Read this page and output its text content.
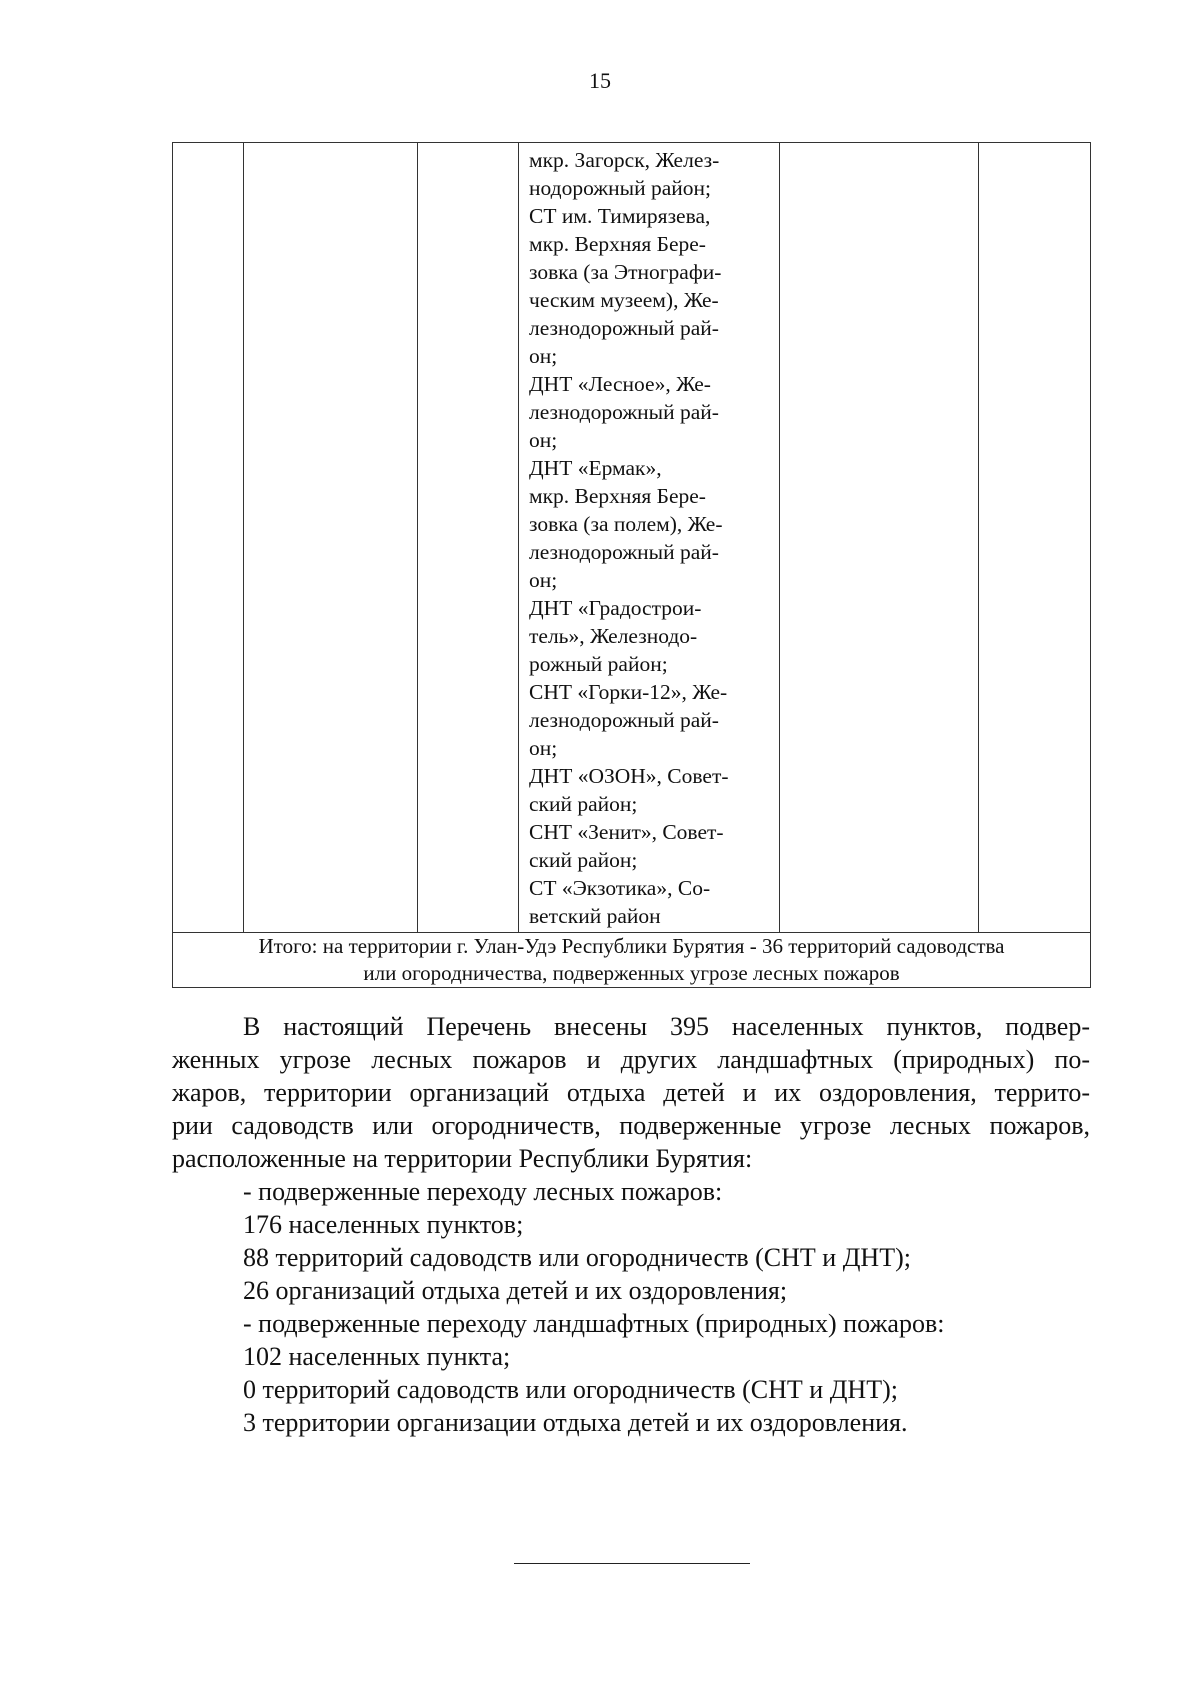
15

мкр. Загорск, Желез-
нодорожный район;
СТ им. Тимирязева,
мкр. Верхняя Бере-
зовка (за Этнографи-
ческим музеем), Же-
лезнодорожный рай-
он;
ДНТ «Лесное», Же-
лезнодорожный рай-
он;
ДНТ «Ермак»,
мкр. Верхняя Бере-
зовка (за полем), Же-
лезнодорожный рай-
он;
ДНТ «Градострои-
тель», Железнодо-
рожный район;
СНТ «Горки-12», Же-
лезнодорожный рай-
он;
ДНТ «ОЗОН», Совет-
ский район;
СНТ «Зенит», Совет-
ский район;
СТ «Экзотика», Со-
ветский район

Итого: на территории г. Улан-Удэ Республики Бурятия - 36 территорий садоводства
или огородничества, подверженных угрозе лесных пожаров
В настоящий Перечень внесены 395 населенных пунктов, подвер-
женных угрозе лесных пожаров и других ландшафтных (природных) по-
жаров, территории организаций отдыха детей и их оздоровления, террито-
рии садоводств или огородничеств, подверженные угрозе лесных пожаров,
расположенные на территории Республики Бурятия:
- подверженные переходу лесных пожаров:
176 населенных пунктов;
88 территорий садоводств или огородничеств (СНТ и ДНТ);
26 организаций отдыха детей и их оздоровления;
- подверженные переходу ландшафтных (природных) пожаров:
102 населенных пункта;
0 территорий садоводств или огородничеств (СНТ и ДНТ);
3 территории организации отдыха детей и их оздоровления.
